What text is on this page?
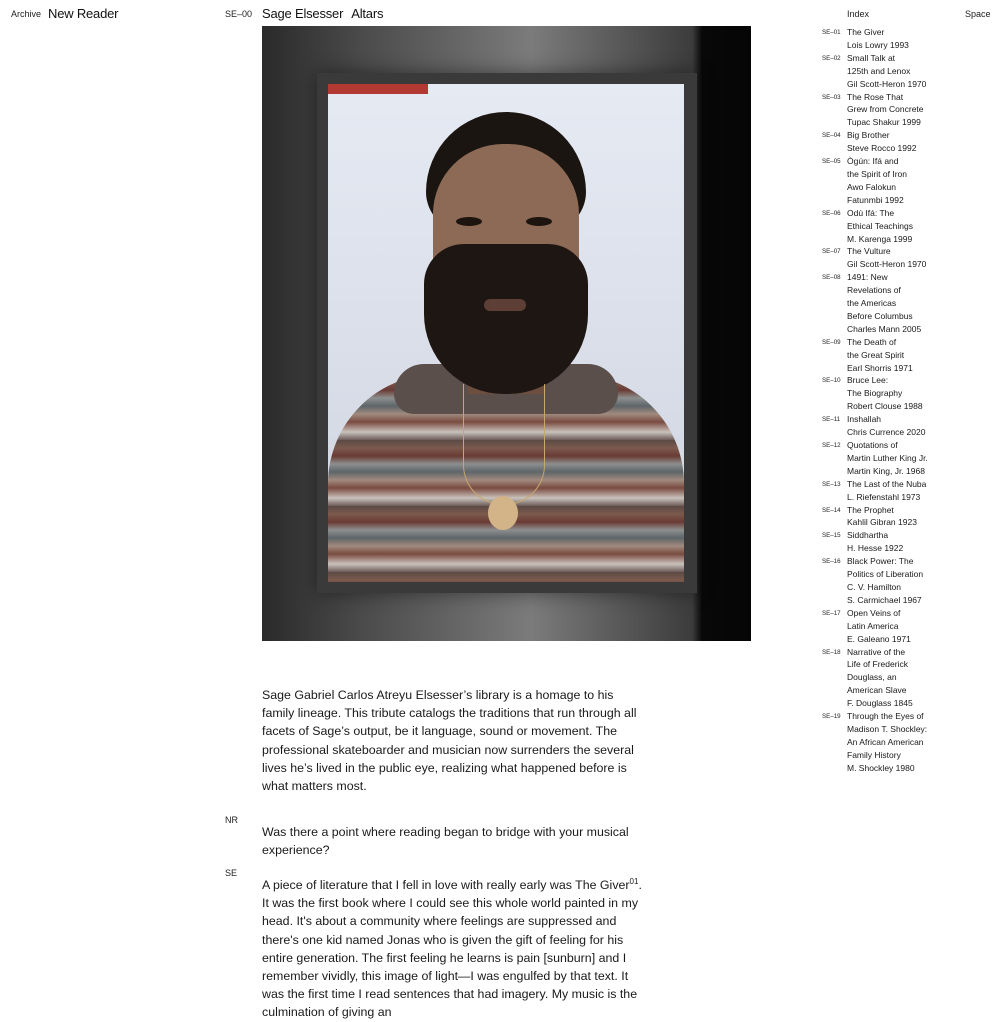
Archive New Reader	SE–00 Sage Elsesser Altars	Index	Space

Sage Gabriel Carlos Atreyu Elsesser’s library is a homage to his family lineage. This tribute catalogs the traditions that run through all facets of Sage’s output, be it language, sound or movement. The professional skateboarder and musician now surrenders the several lives he’s lived in the public eye, realizing what happened before is what matters most.

NR

Was there a point where reading began to bridge with your musical experience?

SE

A piece of literature that I fell in love with really early was The Giver$^{01}$. It was the first book where I could see this whole world painted in my head. It's about a community where feelings are suppressed and there's one kid named Jonas who is given the gift of feeling for his entire generation. The first feeling he learns is pain [sunburn] and I remember vividly, this image of light—I was engulfed by that text. It was the first time I read sentences that had imagery. My music is the culmination of giving an

SE–01 The Giver
Lois Lowry 1993
SE–02 Small Talk at
125th and Lenox
Gil Scott-Heron 1970
SE–03 The Rose That
Grew from Concrete
Tupac Shakur 1999
SE–04 Big Brother
Steve Rocco 1992
SE–05 Ògún: Ifá and
the Spirit of Iron
Awo Falokun
Fatunmbi 1992
SE–06 Odù Ifá: The
Ethical Teachings
M. Karenga 1999
SE–07 The Vulture
Gil Scott-Heron 1970
SE–08 1491: New
Revelations of
the Americas
Before Columbus
Charles Mann 2005
SE–09 The Death of
the Great Spirit
Earl Shorris 1971
SE–10 Bruce Lee:
The Biography
Robert Clouse 1988
SE–11 Inshallah
Chris Currence 2020
SE–12 Quotations of
Martin Luther King Jr.
Martin King, Jr. 1968
SE–13 The Last of the Nuba
L. Riefenstahl 1973
SE–14 The Prophet
Kahlil Gibran 1923
SE–15 Siddhartha
H. Hesse 1922
SE–16 Black Power: The
Politics of Liberation
C. V. Hamilton
S. Carmichael 1967
SE–17 Open Veins of
Latin America
E. Galeano 1971
SE–18 Narrative of the
Life of Frederick
Douglass, an
American Slave
F. Douglass 1845
SE–19 Through the Eyes of
Madison T. Shockley:
An African American
Family History
M. Shockley 1980
